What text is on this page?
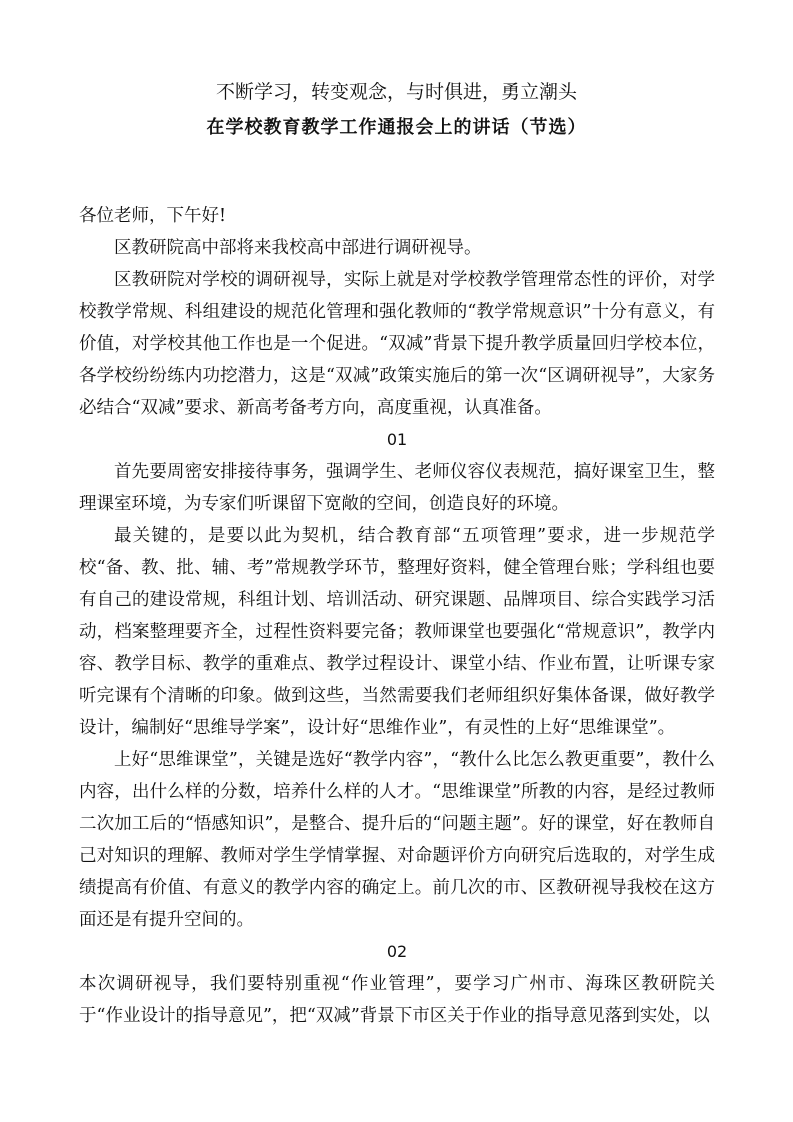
不断学习，转变观念，与时俱进，勇立潮头
在学校教育教学工作通报会上的讲话（节选）

各位老师，下午好!

区教研院高中部将来我校高中部进行调研视导。

区教研院对学校的调研视导，实际上就是对学校教学管理常态性的评价，对学校教学常规、科组建设的规范化管理和强化教师的“教学常规意识”十分有意义，有价值，对学校其他工作也是一个促进。“双减”背景下提升教学质量回归学校本位，各学校纷纷练内功挖潜力，这是“双减”政策实施后的第一次“区调研视导”，大家务必结合“双减”要求、新高考备考方向，高度重视，认真准备。

01

首先要周密安排接待事务，强调学生、老师仪容仪表规范，搞好课室卫生，整理课室环境，为专家们听课留下宽敞的空间，创造良好的环境。

最关键的，是要以此为契机，结合教育部“五项管理”要求，进一步规范学校“备、教、批、辅、考”常规教学环节，整理好资料，健全管理台账；学科组也要有自己的建设常规，科组计划、培训活动、研究课题、品牌项目、综合实践学习活动，档案整理要齐全，过程性资料要完备；教师课堂也要强化“常规意识”，教学内容、教学目标、教学的重难点、教学过程设计、课堂小结、作业布置，让听课专家听完课有个清晰的印象。做到这些，当然需要我们老师组织好集体备课，做好教学设计，编制好“思维导学案”，设计好“思维作业”，有灵性的上好“思维课堂”。

上好“思维课堂”，关键是选好“教学内容”，“教什么比怎么教更重要”，教什么内容，出什么样的分数，培养什么样的人才。“思维课堂”所教的内容，是经过教师二次加工后的“悟感知识”，是整合、提升后的“问题主题”。好的课堂，好在教师自己对知识的理解、教师对学生学情掌握、对命题评价方向研究后选取的，对学生成绩提高有价值、有意义的教学内容的确定上。前几次的市、区教研视导我校在这方面还是有提升空间的。

02

本次调研视导，我们要特别重视“作业管理”，要学习广州市、海珠区教研院关于“作业设计的指导意见”，把“双减”背景下市区关于作业的指导意见落到实处，以
